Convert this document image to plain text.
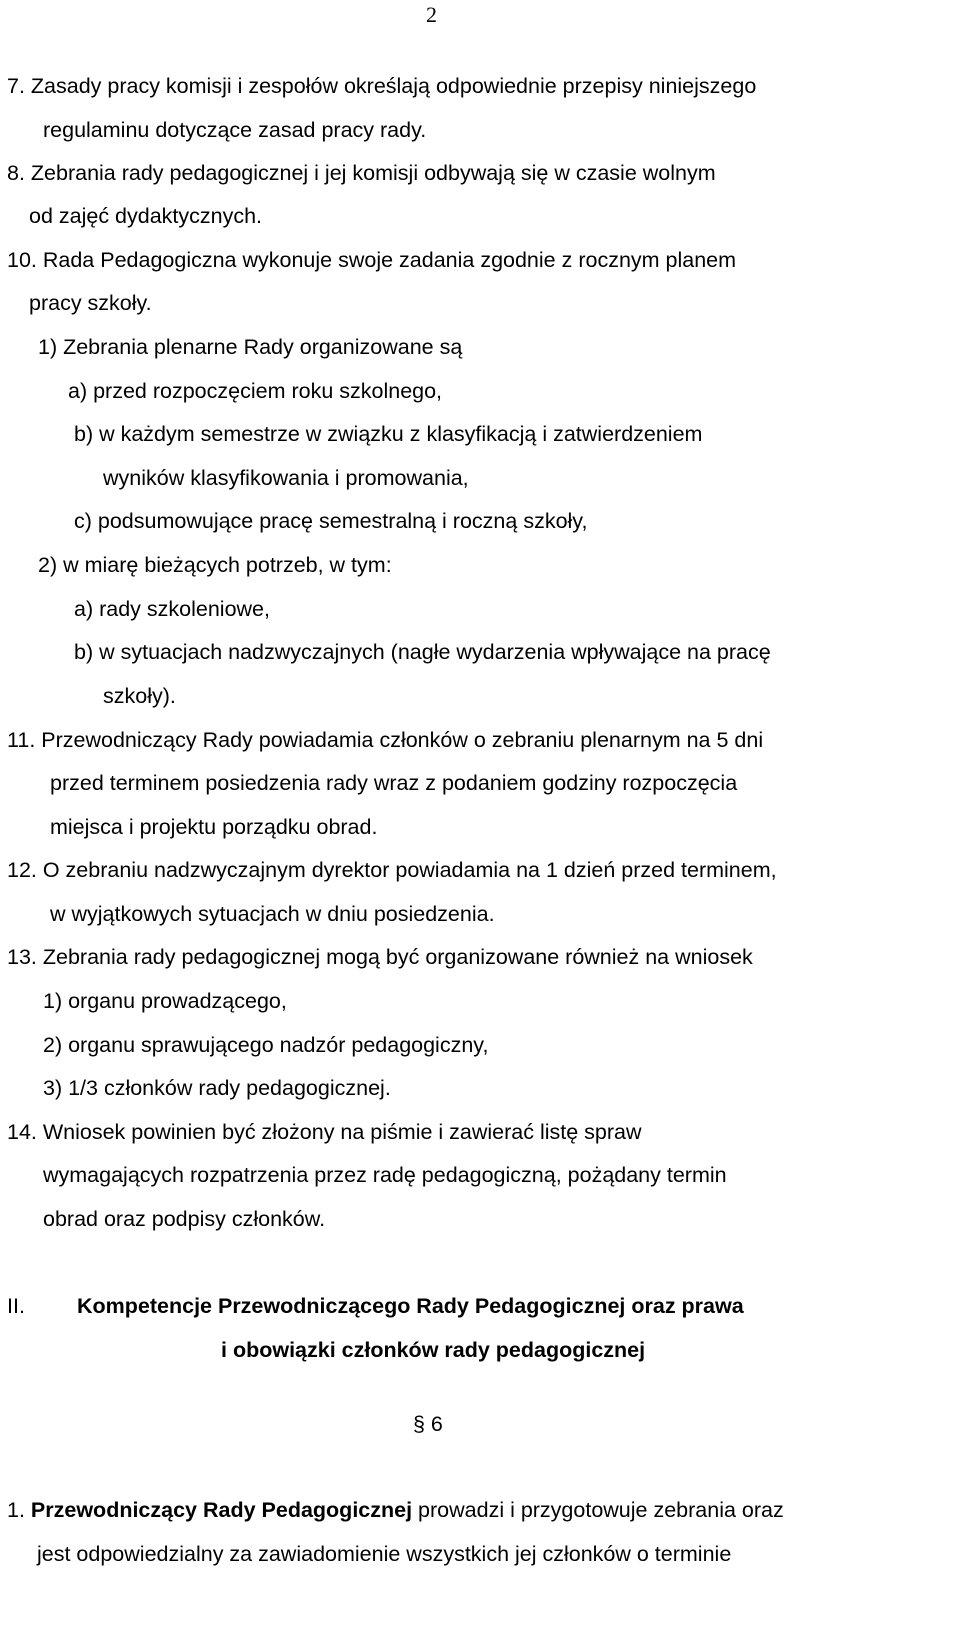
2
7. Zasady pracy komisji i zespołów określają odpowiednie przepisy niniejszego
regulaminu dotyczące zasad pracy rady.
8. Zebrania rady pedagogicznej i jej komisji odbywają się w czasie wolnym
od zajęć dydaktycznych.
10. Rada Pedagogiczna wykonuje swoje zadania zgodnie z rocznym planem
pracy szkoły.
1) Zebrania plenarne Rady organizowane są
a) przed rozpoczęciem roku szkolnego,
b) w każdym semestrze w związku z klasyfikacją i zatwierdzeniem
wyników klasyfikowania i promowania,
c) podsumowujące pracę semestralną i roczną szkoły,
2) w miarę bieżących potrzeb, w tym:
a) rady szkoleniowe,
b) w sytuacjach nadzwyczajnych (nagłe wydarzenia wpływające na pracę
szkoły).
11. Przewodniczący Rady powiadamia członków o zebraniu plenarnym na 5 dni
przed terminem posiedzenia rady wraz z podaniem godziny rozpoczęcia
miejsca i projektu porządku obrad.
12. O zebraniu nadzwyczajnym dyrektor powiadamia na 1 dzień przed terminem,
w wyjątkowych sytuacjach w dniu posiedzenia.
13. Zebrania rady pedagogicznej mogą być organizowane również na wniosek
1) organu prowadzącego,
2) organu sprawującego nadzór pedagogiczny,
3) 1/3 członków rady pedagogicznej.
14. Wniosek powinien być złożony na piśmie i zawierać listę spraw
wymagających rozpatrzenia przez radę pedagogiczną, pożądany termin
obrad oraz podpisy członków.
II. Kompetencje Przewodniczącego Rady Pedagogicznej oraz prawa
i obowiązki członków rady pedagogicznej
§ 6
1. Przewodniczący Rady Pedagogicznej prowadzi i przygotowuje zebrania oraz
jest odpowiedzialny za zawiadomienie wszystkich jej członków o terminie
